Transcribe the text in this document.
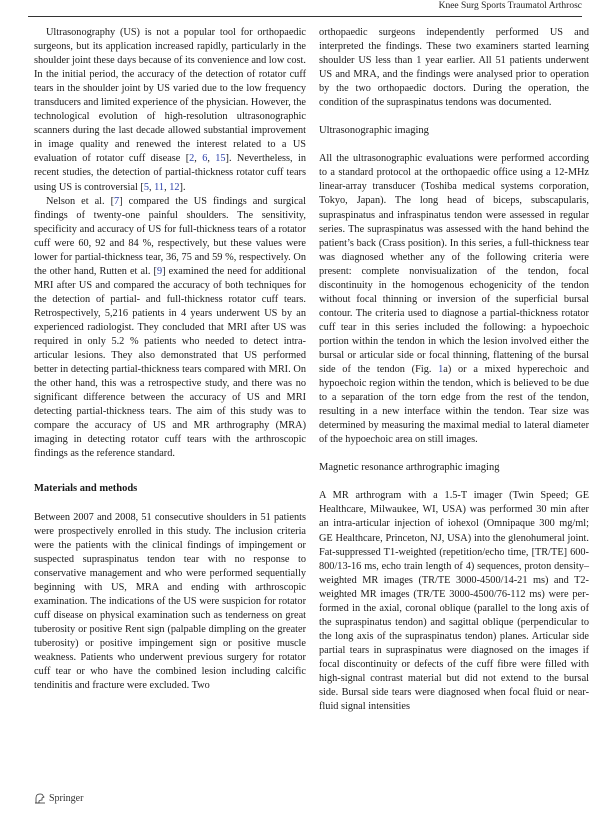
Knee Surg Sports Traumatol Arthrosc

Ultrasonography (US) is not a popular tool for orthopaedic surgeons, but its application increased rapidly, particularly in the shoulder joint these days because of its convenience and low cost. In the initial period, the accuracy of the detection of rotator cuff tears in the shoulder joint by US varied due to the low frequency transducers and limited experience of the physician. However, the technological evolution of high-resolution ultrasonographic scanners during the last decade allowed substantial improvement in image quality and renewed the interest related to a US evaluation of rotator cuff disease [2, 6, 15]. Nevertheless, in recent studies, the detection of partial-thickness rotator cuff tears using US is controversial [5, 11, 12].

Nelson et al. [7] compared the US findings and surgical findings of twenty-one painful shoulders. The sensitivity, specificity and accuracy of US for full-thickness tears of a rotator cuff were 60, 92 and 84 %, respectively, but these values were lower for partial-thickness tear, 36, 75 and 59 %, respectively. On the other hand, Rutten et al. [9] examined the need for additional MRI after US and compared the accuracy of both techniques for the detection of partial- and full-thickness rotator cuff tears. Retrospectively, 5,216 patients in 4 years underwent US by an experienced radiologist. They concluded that MRI after US was required in only 5.2 % patients who needed to detect intra-articular lesions. They also demonstrated that US performed better in detecting partial-thickness tears compared with MRI. On the other hand, this was a retrospective study, and there was no significant difference between the accuracy of US and MRI detecting partial-thickness tears. The aim of this study was to compare the accuracy of US and MR arthrography (MRA) imaging in detecting rotator cuff tears with the arthroscopic findings as the reference standard.

Materials and methods

Between 2007 and 2008, 51 consecutive shoulders in 51 patients were prospectively enrolled in this study. The inclusion criteria were the patients with the clinical findings of impingement or suspected supraspinatus tendon tear with no response to conservative management and who were performed sequentially beginning with US, MRA and ending with arthroscopic examination. The indications of the US were suspicion for rotator cuff disease on physical examination such as tenderness on great tuberosity or positive Rent sign (palpable dimpling on the greater tuberosity) or positive impingement sign or positive muscle weakness. Patients who underwent previous surgery for rotator cuff tear or who have the combined lesion including calcific tendinitis and fracture were excluded. Two

orthopaedic surgeons independently performed US and interpreted the findings. These two examiners started learning shoulder US less than 1 year earlier. All 51 patients underwent US and MRA, and the findings were analysed prior to operation by the two orthopaedic doctors. During the operation, the condition of the supraspinatus tendons was documented.

Ultrasonographic imaging

All the ultrasonographic evaluations were performed according to a standard protocol at the orthopaedic office using a 12-MHz linear-array transducer (Toshiba medical systems corporation, Tokyo, Japan). The long head of biceps, subscapularis, supraspinatus and infraspinatus tendon were assessed in regular series. The supraspinatus was assessed with the hand behind the patient’s back (Crass position). In this series, a full-thickness tear was diagnosed whether any of the following criteria were present: complete nonvisualization of the tendon, focal discontinuity in the homogenous echogenicity of the tendon without focal thinning or inversion of the superficial bursal contour. The criteria used to diagnose a partial-thickness rotator cuff tear in this series included the following: a hypoechoic portion within the tendon in which the lesion involved either the bursal or articular side or focal thinning, flattening of the bursal side of the tendon (Fig. 1a) or a mixed hyperechoic and hypoechoic region within the tendon, which is believed to be due to a separation of the torn edge from the rest of the tendon, resulting in a new interface within the tendon. Tear size was determined by measuring the maximal medial to lateral diameter of the hypoechoic area on still images.

Magnetic resonance arthrographic imaging

A MR arthrogram with a 1.5-T imager (Twin Speed; GE Healthcare, Milwaukee, WI, USA) was performed 30 min after an intra-articular injection of iohexol (Omnipaque 300 mg/ml; GE Healthcare, Princeton, NJ, USA) into the glenohumeral joint. Fat-suppressed T1-weighted (repetition/echo time, [TR/TE] 600-800/13-16 ms, echo train length of 4) sequences, proton density–weighted MR images (TR/TE 3000-4500/14-21 ms) and T2-weighted MR images (TR/TE 3000-4500/76-112 ms) were performed in the axial, coronal oblique (parallel to the long axis of the supraspinatus tendon) and sagittal oblique (perpendicular to the long axis of the supraspinatus tendon) planes. Articular side partial tears in supraspinatus were diagnosed on the images if focal discontinuity or defects of the cuff fibre were filled with high-signal contrast material but did not extend to the bursal side. Bursal side tears were diagnosed when focal fluid or near-fluid signal intensities

Springer
